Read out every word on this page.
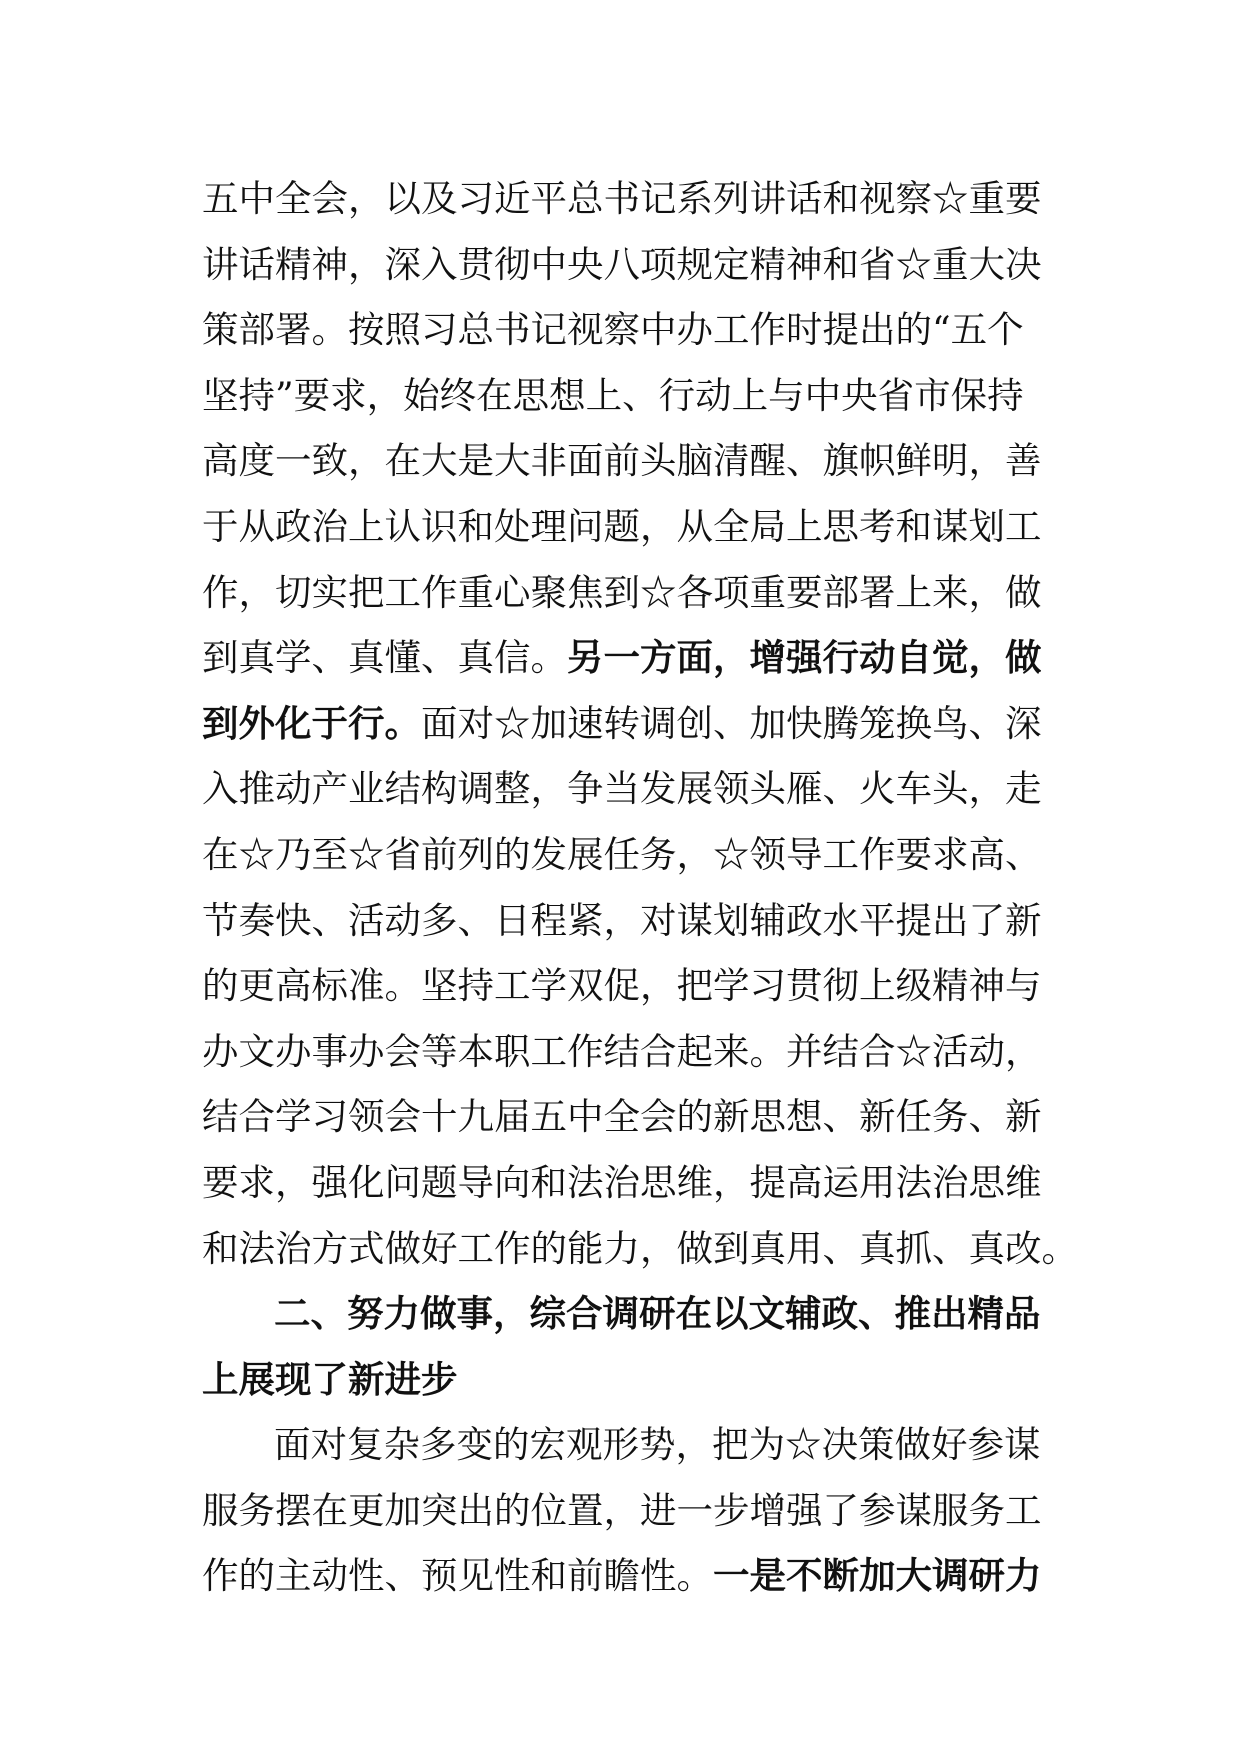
五中全会，以及习近平总书记系列讲话和视察☆重要
讲话精神，深入贯彻中央八项规定精神和省☆重大决
策部署。按照习总书记视察中办工作时提出的“五个
坚持”要求，始终在思想上、行动上与中央省市保持
高度一致，在大是大非面前头脑清醒、旗帜鲜明，善
于从政治上认识和处理问题，从全局上思考和谋划工
作，切实把工作重心聚焦到☆各项重要部署上来，做
到真学、真懂、真信。另一方面，增强行动自觉，做
到外化于行。面对☆加速转调创、加快腾笼换鸟、深
入推动产业结构调整，争当发展领头雁、火车头，走
在☆乃至☆省前列的发展任务，☆领导工作要求高、
节奏快、活动多、日程紧，对谋划辅政水平提出了新
的更高标准。坚持工学双促，把学习贯彻上级精神与
办文办事办会等本职工作结合起来。并结合☆活动，
结合学习领会十九届五中全会的新思想、新任务、新
要求，强化问题导向和法治思维，提高运用法治思维
和法治方式做好工作的能力，做到真用、真抓、真改。
二、努力做事，综合调研在以文辅政、推出精品
上展现了新进步
面对复杂多变的宏观形势，把为☆决策做好参谋
服务摆在更加突出的位置，进一步增强了参谋服务工
作的主动性、预见性和前瞻性。一是不断加大调研力
